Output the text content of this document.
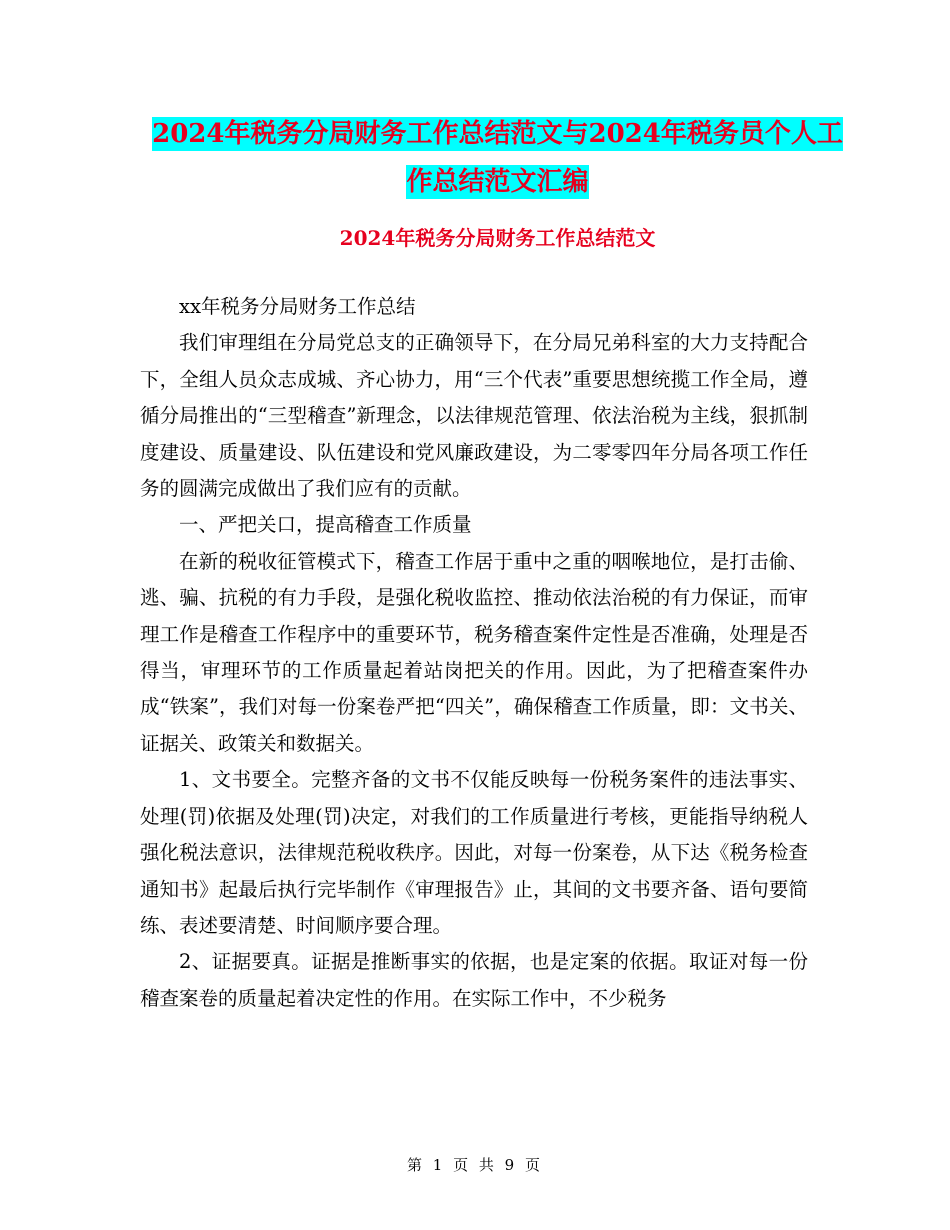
2024年税务分局财务工作总结范文与2024年税务员个人工作总结范文汇编
2024年税务分局财务工作总结范文

xx年税务分局财务工作总结

我们审理组在分局党总支的正确领导下，在分局兄弟科室的大力支持配合下，全组人员众志成城、齐心协力，用“三个代表”重要思想统揽工作全局，遵循分局推出的“三型稽查”新理念，以法律规范管理、依法治税为主线，狠抓制度建设、质量建设、队伍建设和党风廉政建设，为二零零四年分局各项工作任务的圆满完成做出了我们应有的贡献。

一、严把关口，提高稽查工作质量

在新的税收征管模式下，稽查工作居于重中之重的咽喉地位，是打击偷、逃、骗、抗税的有力手段，是强化税收监控、推动依法治税的有力保证，而审理工作是稽查工作程序中的重要环节，税务稽查案件定性是否准确，处理是否得当，审理环节的工作质量起着站岗把关的作用。因此，为了把稽查案件办成“铁案”，我们对每一份案卷严把“四关”，确保稽查工作质量，即：文书关、证据关、政策关和数据关。

1、文书要全。完整齐备的文书不仅能反映每一份税务案件的违法事实、处理(罚)依据及处理(罚)决定，对我们的工作质量进行考核，更能指导纳税人强化税法意识，法律规范税收秩序。因此，对每一份案卷，从下达《税务检查通知书》起最后执行完毕制作《审理报告》止，其间的文书要齐备、语句要简练、表述要清楚、时间顺序要合理。

2、证据要真。证据是推断事实的依据，也是定案的依据。取证对每一份稽查案卷的质量起着决定性的作用。在实际工作中，不少税务

第 1 页 共 9 页
